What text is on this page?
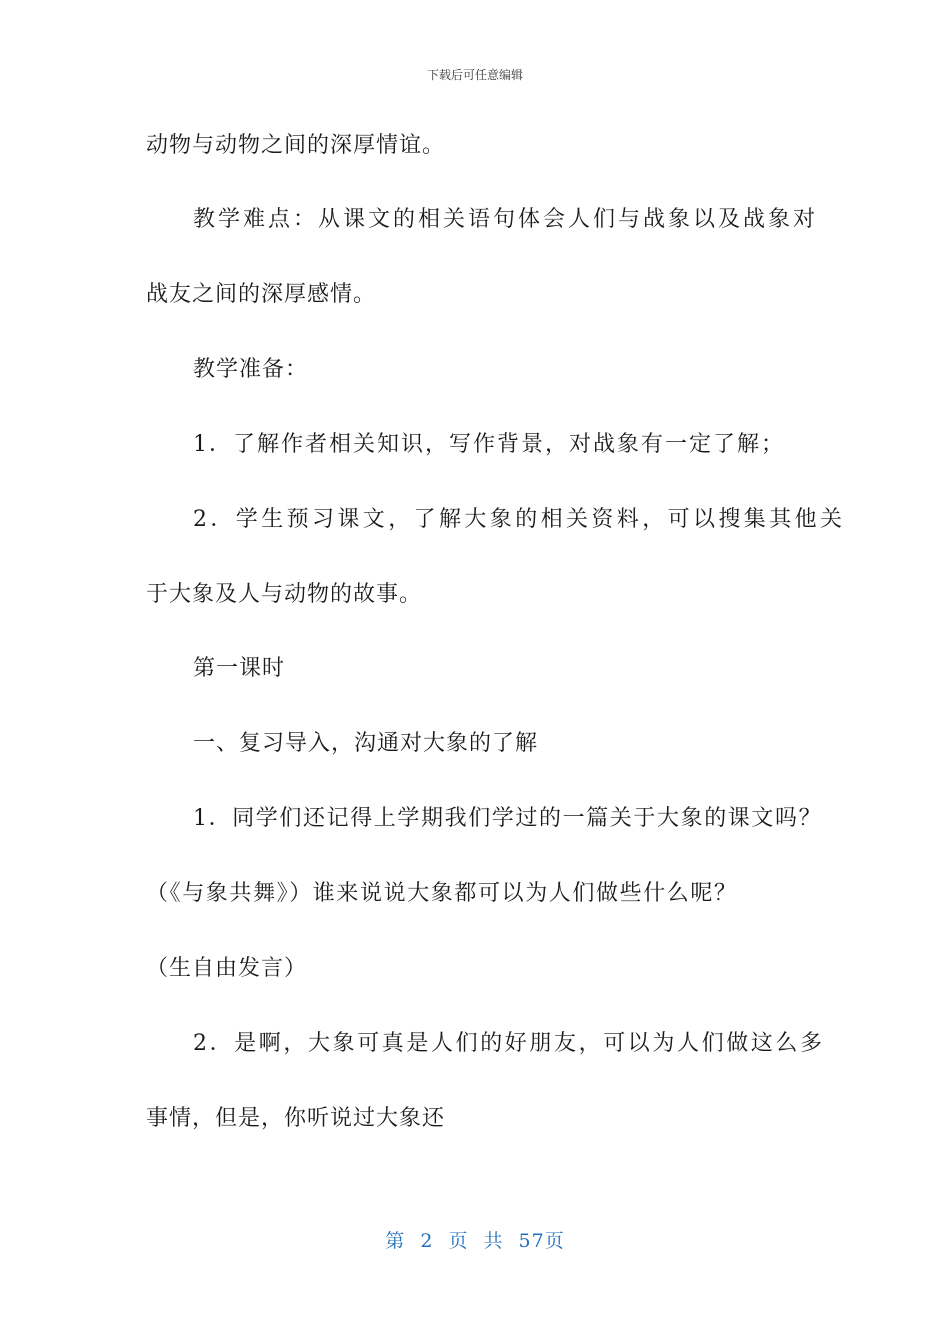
下载后可任意编辑
动物与动物之间的深厚情谊。
教学难点：从课文的相关语句体会人们与战象以及战象对
战友之间的深厚感情。
教学准备：
1．了解作者相关知识，写作背景，对战象有一定了解；
2．学生预习课文，了解大象的相关资料，可以搜集其他关
于大象及人与动物的故事。
第一课时
一、复习导入，沟通对大象的了解
1．同学们还记得上学期我们学过的一篇关于大象的课文吗？
（《与象共舞》）谁来说说大象都可以为人们做些什么呢？
（生自由发言）
2．是啊，大象可真是人们的好朋友，可以为人们做这么多
事情，但是，你听说过大象还
第 2 页 共 57页
